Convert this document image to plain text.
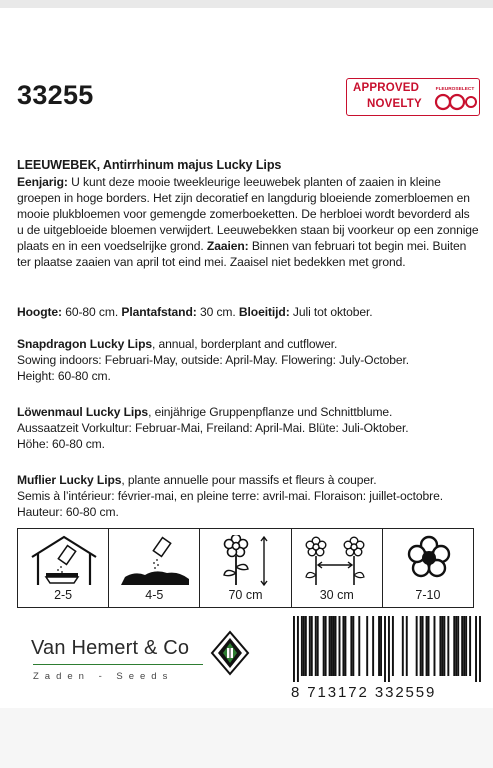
33255	APPROVED
NOVELTY
FLEUROSELECT
LEEUWEBEK, Antirrhinum majus Lucky Lips
Eenjarig: U kunt deze mooie tweekleurige leeuwebek planten of zaaien in kleine groepen in hoge borders. Het zijn decoratief en langdurig bloeiende zomerbloemen en mooie plukbloemen voor gemengde zomerboeketten. De herbloei wordt bevorderd als u de uitgebloeide bloemen verwijdert. Leeuwebekken staan bij voorkeur op een zonnige plaats en in een voedselrijke grond. Zaaien: Binnen van februari tot begin mei. Buiten ter plaatse zaaien van april tot eind mei. Zaaisel niet bedekken met grond.
Hoogte: 60-80 cm. Plantafstand: 30 cm. Bloeitijd: Juli tot oktober.
Snapdragon Lucky Lips, annual, borderplant and cutflower.
Sowing indoors: Februari-May, outside: April-May. Flowering: July-October.
Height: 60-80 cm.
Löwenmaul Lucky Lips, einjährige Gruppenpflanze und Schnittblume.
Aussaatzeit Vorkultur: Februar-Mai, Freiland: April-Mai. Blüte: Juli-Oktober.
Höhe: 60-80 cm.
Muflier Lucky Lips, plante annuelle pour massifs et fleurs à couper.
Semis à l’intérieur: février-mai, en pleine terre: avril-mai. Floraison: juillet-octobre.
Hauteur: 60-80 cm.
2-5	4-5	70 cm	30 cm	7-10
Van Hemert & Co
Zaden - Seeds
8 713172 332559
